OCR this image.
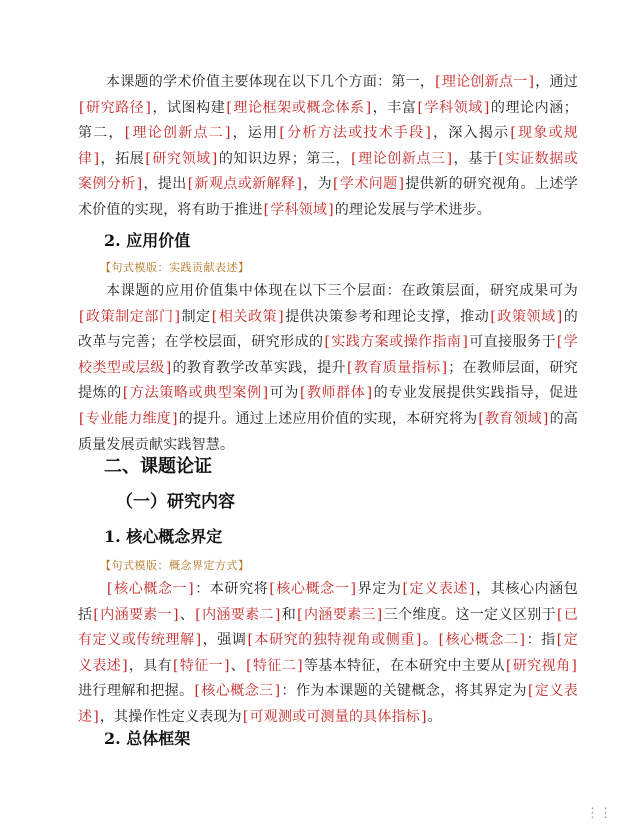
本课题的学术价值主要体现在以下几个方面：第一， [ 理论创新点一 ] ，通过[ 研究路径 ] ，试图构建 [ 理论框架或概念体系 ] ，丰富 [ 学科领域 ] 的理论内涵；第二， [ 理论创新点二 ] ，运用 [ 分析方法或技术手段 ] ，深入揭示 [ 现象或规律 ] ，拓展 [ 研究领域 ] 的知识边界；第三， [ 理论创新点三 ] ，基于 [ 实证数据或案例分析 ] ，提出 [ 新观点或新解释 ] ，为 [ 学术问题 ] 提供新的研究视角。上述学术价值的实现，将有助于推进 [ 学科领域 ] 的理论发展与学术进步。

2. 应用价值
【句式模版：实践贡献表述】

本课题的应用价值集中体现在以下三个层面：在政策层面，研究成果可为[ 政策制定部门 ] 制定 [ 相关政策 ] 提供决策参考和理论支撑，推动 [ 政策领域 ] 的改革与完善；在学校层面，研究形成的 [ 实践方案或操作指南 ] 可直接服务于 [ 学校类型或层级 ] 的教育教学改革实践，提升 [ 教育质量指标 ] ；在教师层面，研究提炼的 [ 方法策略或典型案例 ] 可为 [ 教师群体 ] 的专业发展提供实践指导，促进[ 专业能力维度 ] 的提升。通过上述应用价值的实现，本研究将为 [ 教育领域 ] 的高质量发展贡献实践智慧。

二、课题论证
（一）研究内容
1. 核心概念界定
【句式模版：概念界定方式】

[ 核心概念一 ] ：本研究将 [ 核心概念一 ] 界定为 [ 定义表述 ] ，其核心内涵包括 [ 内涵要素一 ] 、 [ 内涵要素二 ] 和 [ 内涵要素三 ] 三个维度。这一定义区别于 [ 已有定义或传统理解 ] ，强调 [ 本研究的独特视角或侧重 ] 。 [ 核心概念二 ] ：指 [ 定义表述 ] ，具有 [ 特征一 ] 、 [ 特征二 ] 等基本特征，在本研究中主要从 [ 研究视角 ]进行理解和把握。 [ 核心概念三 ] ：作为本课题的关键概念，将其界定为 [ 定义表述 ] ，其操作性定义表现为 [ 可观测或可测量的具体指标 ] 。

2. 总体框架
⋮⋮
